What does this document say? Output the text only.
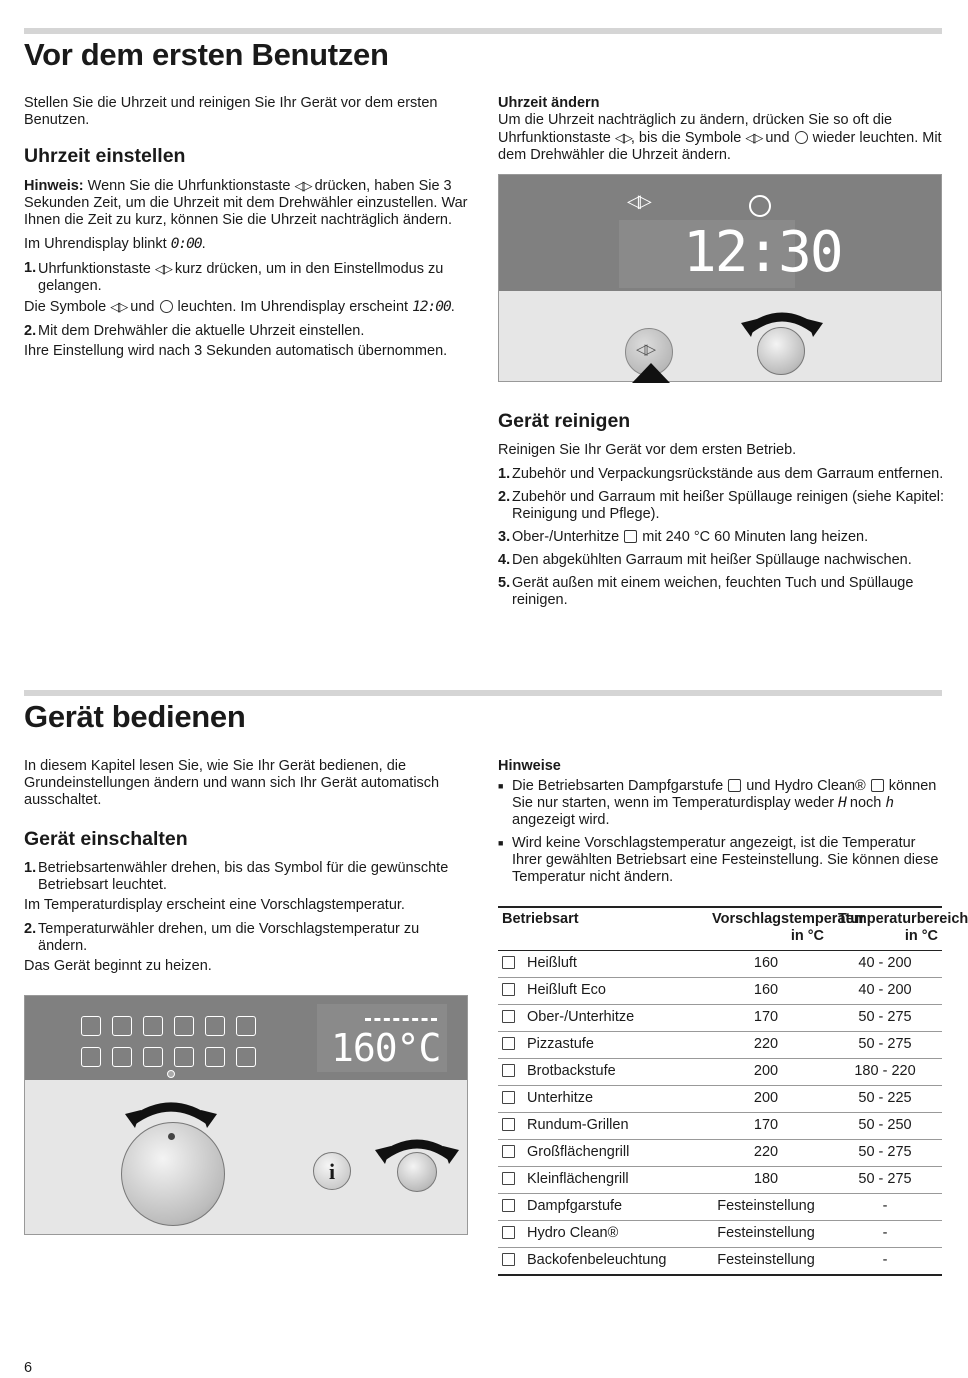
Vor dem ersten Benutzen

Stellen Sie die Uhrzeit und reinigen Sie Ihr Gerät vor dem ersten Benutzen.

Uhrzeit einstellen

Hinweis: Wenn Sie die Uhrfunktionstaste ◁▷ drücken, haben Sie 3 Sekunden Zeit, um die Uhrzeit mit dem Drehwähler einzustellen. War Ihnen die Zeit zu kurz, können Sie die Uhrzeit nachträglich ändern.

Im Uhrendisplay blinkt 0:00.

1. Uhrfunktionstaste ◁▷ kurz drücken, um in den Einstellmodus zu gelangen.

Die Symbole ◁▷ und leuchten. Im Uhrendisplay erscheint 12:00.

2. Mit dem Drehwähler die aktuelle Uhrzeit einstellen.

Ihre Einstellung wird nach 3 Sekunden automatisch übernommen.

Uhrzeit ändern
Um die Uhrzeit nachträglich zu ändern, drücken Sie so oft die Uhrfunktionstaste ◁▷, bis die Symbole ◁▷ und wieder leuchten. Mit dem Drehwähler die Uhrzeit ändern.

◁▷
12:30
◁▷
Gerät reinigen

Reinigen Sie Ihr Gerät vor dem ersten Betrieb.

1. Zubehör und Verpackungsrückstände aus dem Garraum entfernen.
2. Zubehör und Garraum mit heißer Spüllauge reinigen (siehe Kapitel: Reinigung und Pflege).
3. Ober-/Unterhitze mit 240 °C 60 Minuten lang heizen.
4. Den abgekühlten Garraum mit heißer Spüllauge nachwischen.
5. Gerät außen mit einem weichen, feuchten Tuch und Spüllauge reinigen.
Gerät bedienen

In diesem Kapitel lesen Sie, wie Sie Ihr Gerät bedienen, die Grundeinstellungen ändern und wann sich Ihr Gerät automatisch ausschaltet.

Gerät einschalten
1. Betriebsartenwähler drehen, bis das Symbol für die gewünschte Betriebsart leuchtet.

Im Temperaturdisplay erscheint eine Vorschlagstemperatur.

2. Temperaturwähler drehen, um die Vorschlagstemperatur zu ändern.

Das Gerät beginnt zu heizen.

160°C
i

Hinweise

■ Die Betriebsarten Dampfgarstufe und Hydro Clean® können Sie nur starten, wenn im Temperaturdisplay weder H noch h angezeigt wird.
■ Wird keine Vorschlagstemperatur angezeigt, ist die Temperatur Ihrer gewählten Betriebsart eine Festeinstellung. Sie können diese Temperatur nicht ändern.
Betriebsart	Vorschlagstemperatur in °C	Temperaturbereich in °C
Heißluft	160	40 - 200
Heißluft Eco	160	40 - 200
Ober-/Unterhitze	170	50 - 275
Pizzastufe	220	50 - 275
Brotbackstufe	200	180 - 220
Unterhitze	200	50 - 225
Rundum-Grillen	170	50 - 250
Großflächengrill	220	50 - 275
Kleinflächengrill	180	50 - 275
Dampfgarstufe	Festeinstellung	-
Hydro Clean®	Festeinstellung	-
Backofenbeleuchtung	Festeinstellung	-
6
